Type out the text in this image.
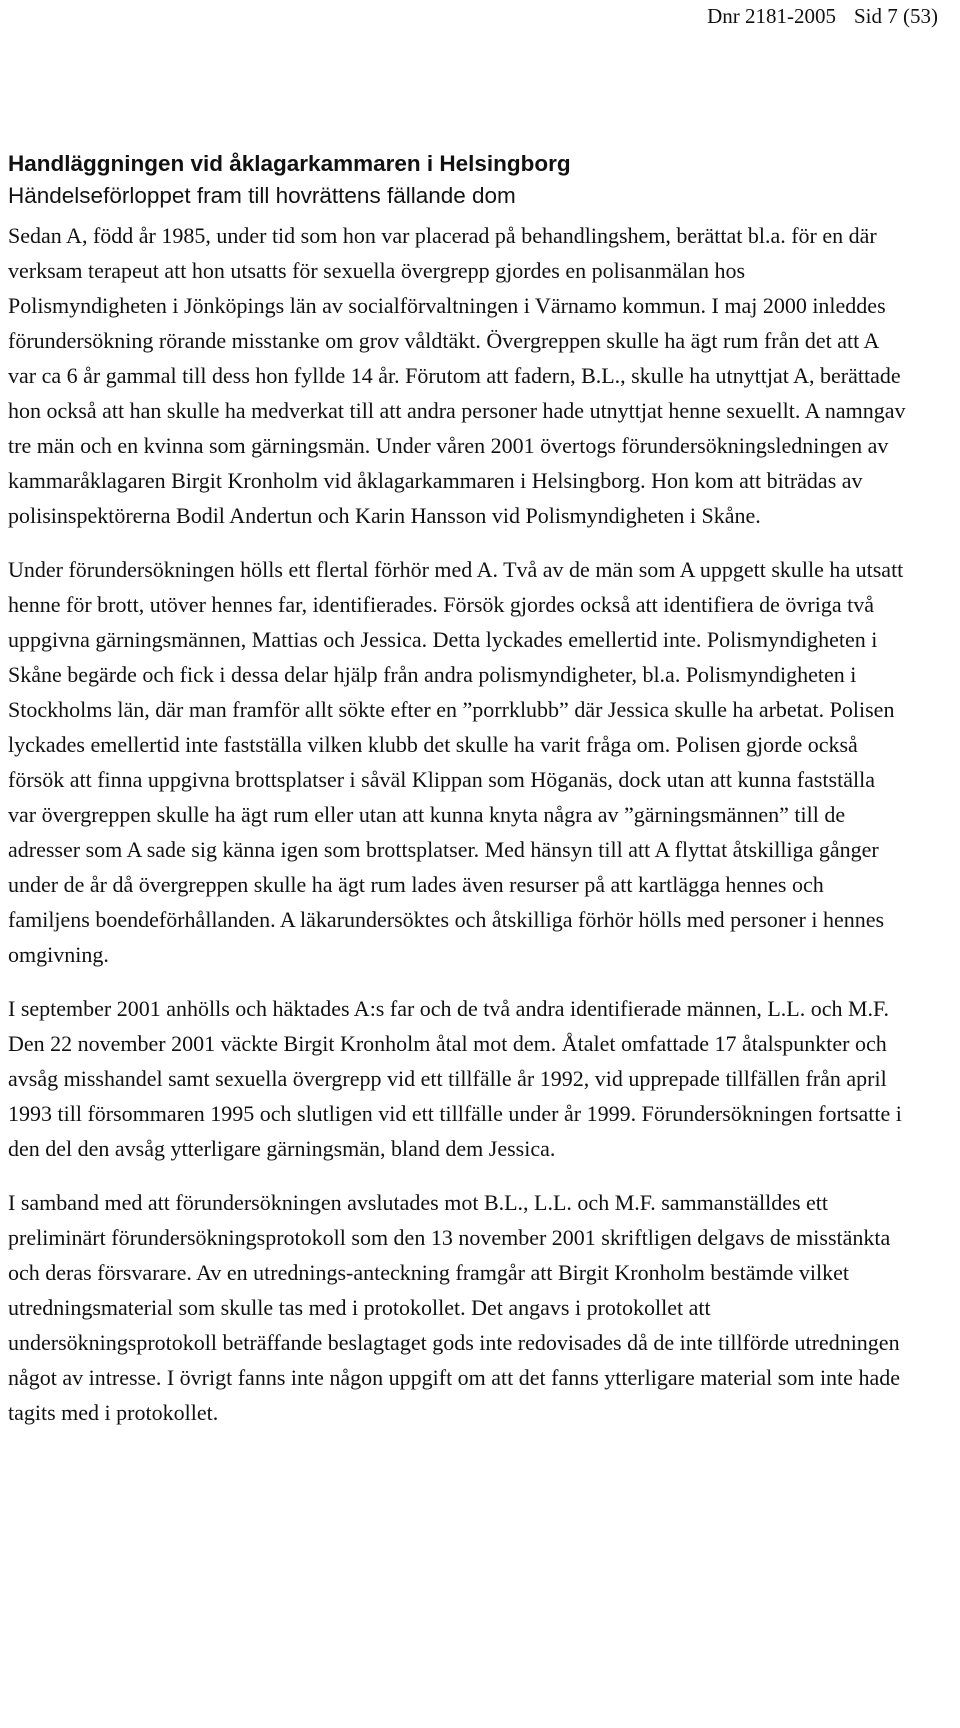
Dnr 2181-2005 Sid 7 (53)
Handläggningen vid åklagarkammaren i Helsingborg
Händelseförloppet fram till hovrättens fällande dom

Sedan A, född år 1985, under tid som hon var placerad på behandlingshem, berättat bl.a. för en där verksam terapeut att hon utsatts för sexuella övergrepp gjordes en polisanmälan hos Polismyndigheten i Jönköpings län av socialförvaltningen i Värnamo kommun. I maj 2000 inleddes förundersökning rörande misstanke om grov våldtäkt. Övergreppen skulle ha ägt rum från det att A var ca 6 år gammal till dess hon fyllde 14 år. Förutom att fadern, B.L., skulle ha utnyttjat A, berättade hon också att han skulle ha medverkat till att andra personer hade utnyttjat henne sexuellt. A namngav tre män och en kvinna som gärningsmän. Under våren 2001 övertogs förundersökningsledningen av kammaråklagaren Birgit Kronholm vid åklagarkammaren i Helsingborg. Hon kom att biträdas av polisinspektörerna Bodil Andertun och Karin Hansson vid Polismyndigheten i Skåne.

Under förundersökningen hölls ett flertal förhör med A. Två av de män som A uppgett skulle ha utsatt henne för brott, utöver hennes far, identifierades. Försök gjordes också att identifiera de övriga två uppgivna gärningsmännen, Mattias och Jessica. Detta lyckades emellertid inte. Polismyndigheten i Skåne begärde och fick i dessa delar hjälp från andra polismyndigheter, bl.a. Polismyndigheten i Stockholms län, där man framför allt sökte efter en ”porrklubb” där Jessica skulle ha arbetat. Polisen lyckades emellertid inte fastställa vilken klubb det skulle ha varit fråga om. Polisen gjorde också försök att finna uppgivna brottsplatser i såväl Klippan som Höganäs, dock utan att kunna fastställa var övergreppen skulle ha ägt rum eller utan att kunna knyta några av ”gärningsmännen” till de adresser som A sade sig känna igen som brottsplatser. Med hänsyn till att A flyttat åtskilliga gånger under de år då övergreppen skulle ha ägt rum lades även resurser på att kartlägga hennes och familjens boendeförhållanden. A läkarundersöktes och åtskilliga förhör hölls med personer i hennes omgivning.

I september 2001 anhölls och häktades A:s far och de två andra identifierade männen, L.L. och M.F. Den 22 november 2001 väckte Birgit Kronholm åtal mot dem. Åtalet omfattade 17 åtalspunkter och avsåg misshandel samt sexuella övergrepp vid ett tillfälle år 1992, vid upprepade tillfällen från april 1993 till försommaren 1995 och slutligen vid ett tillfälle under år 1999. Förundersökningen fortsatte i den del den avsåg ytterligare gärningsmän, bland dem Jessica.

I samband med att förundersökningen avslutades mot B.L., L.L. och M.F. sammanställdes ett preliminärt förundersökningsprotokoll som den 13 november 2001 skriftligen delgavs de misstänkta och deras försvarare. Av en utrednings-anteckning framgår att Birgit Kronholm bestämde vilket utredningsmaterial som skulle tas med i protokollet. Det angavs i protokollet att undersökningsprotokoll beträffande beslagtaget gods inte redovisades då de inte tillförde utredningen något av intresse. I övrigt fanns inte någon uppgift om att det fanns ytterligare material som inte hade tagits med i protokollet.
